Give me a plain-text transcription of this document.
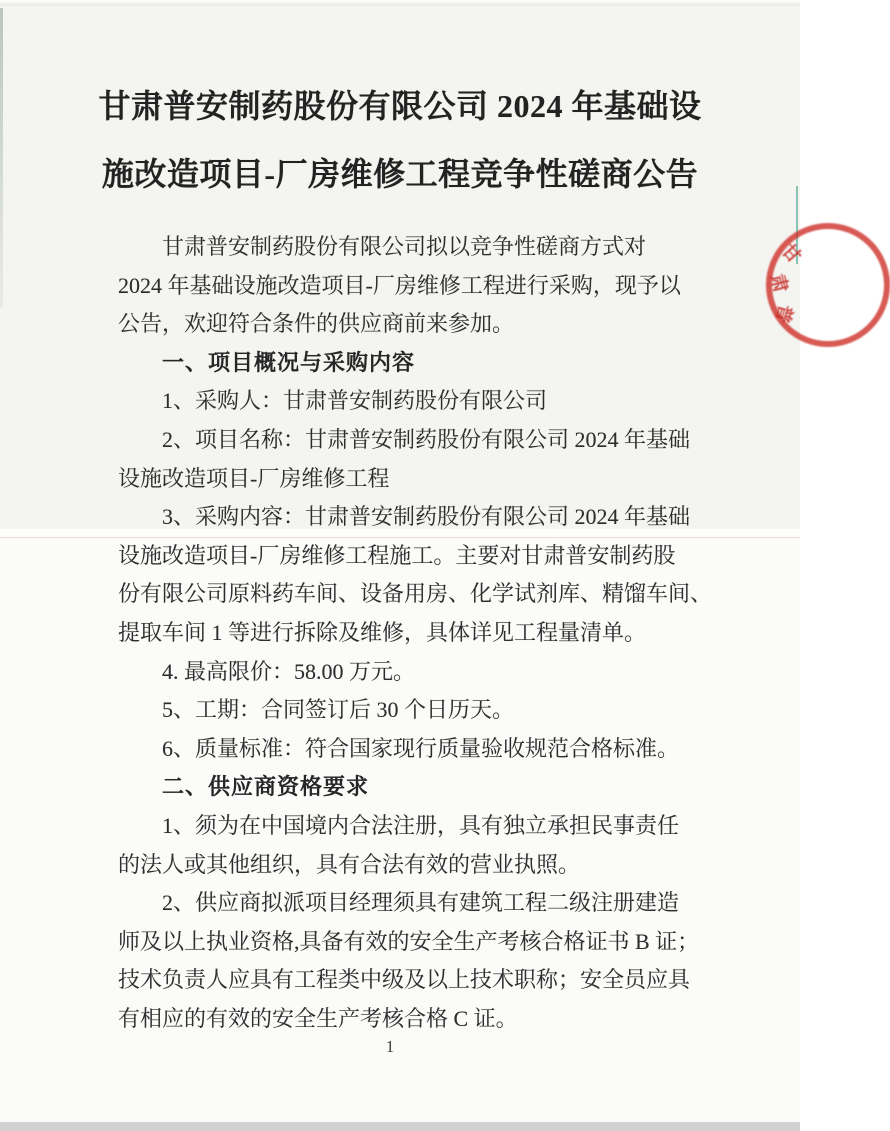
甘肃普安制药股份有限公司 2024 年基础设
施改造项目-厂房维修工程竞争性磋商公告
甘肃普安制药股份有限公司拟以竞争性磋商方式对
2024 年基础设施改造项目-厂房维修工程进行采购，现予以
公告，欢迎符合条件的供应商前来参加。
一、项目概况与采购内容
1、采购人：甘肃普安制药股份有限公司
2、项目名称：甘肃普安制药股份有限公司 2024 年基础
设施改造项目-厂房维修工程
3、采购内容：甘肃普安制药股份有限公司 2024 年基础
设施改造项目-厂房维修工程施工。主要对甘肃普安制药股
份有限公司原料药车间、设备用房、化学试剂库、精馏车间、
提取车间 1 等进行拆除及维修，具体详见工程量清单。
4. 最高限价：58.00 万元。
5、工期：合同签订后 30 个日历天。
6、质量标准：符合国家现行质量验收规范合格标准。
二、供应商资格要求
1、须为在中国境内合法注册，具有独立承担民事责任
的法人或其他组织，具有合法有效的营业执照。
2、供应商拟派项目经理须具有建筑工程二级注册建造
师及以上执业资格,具备有效的安全生产考核合格证书 B 证；
技术负责人应具有工程类中级及以上技术职称；安全员应具
有相应的有效的安全生产考核合格 C 证。
1
甘
肃
普
